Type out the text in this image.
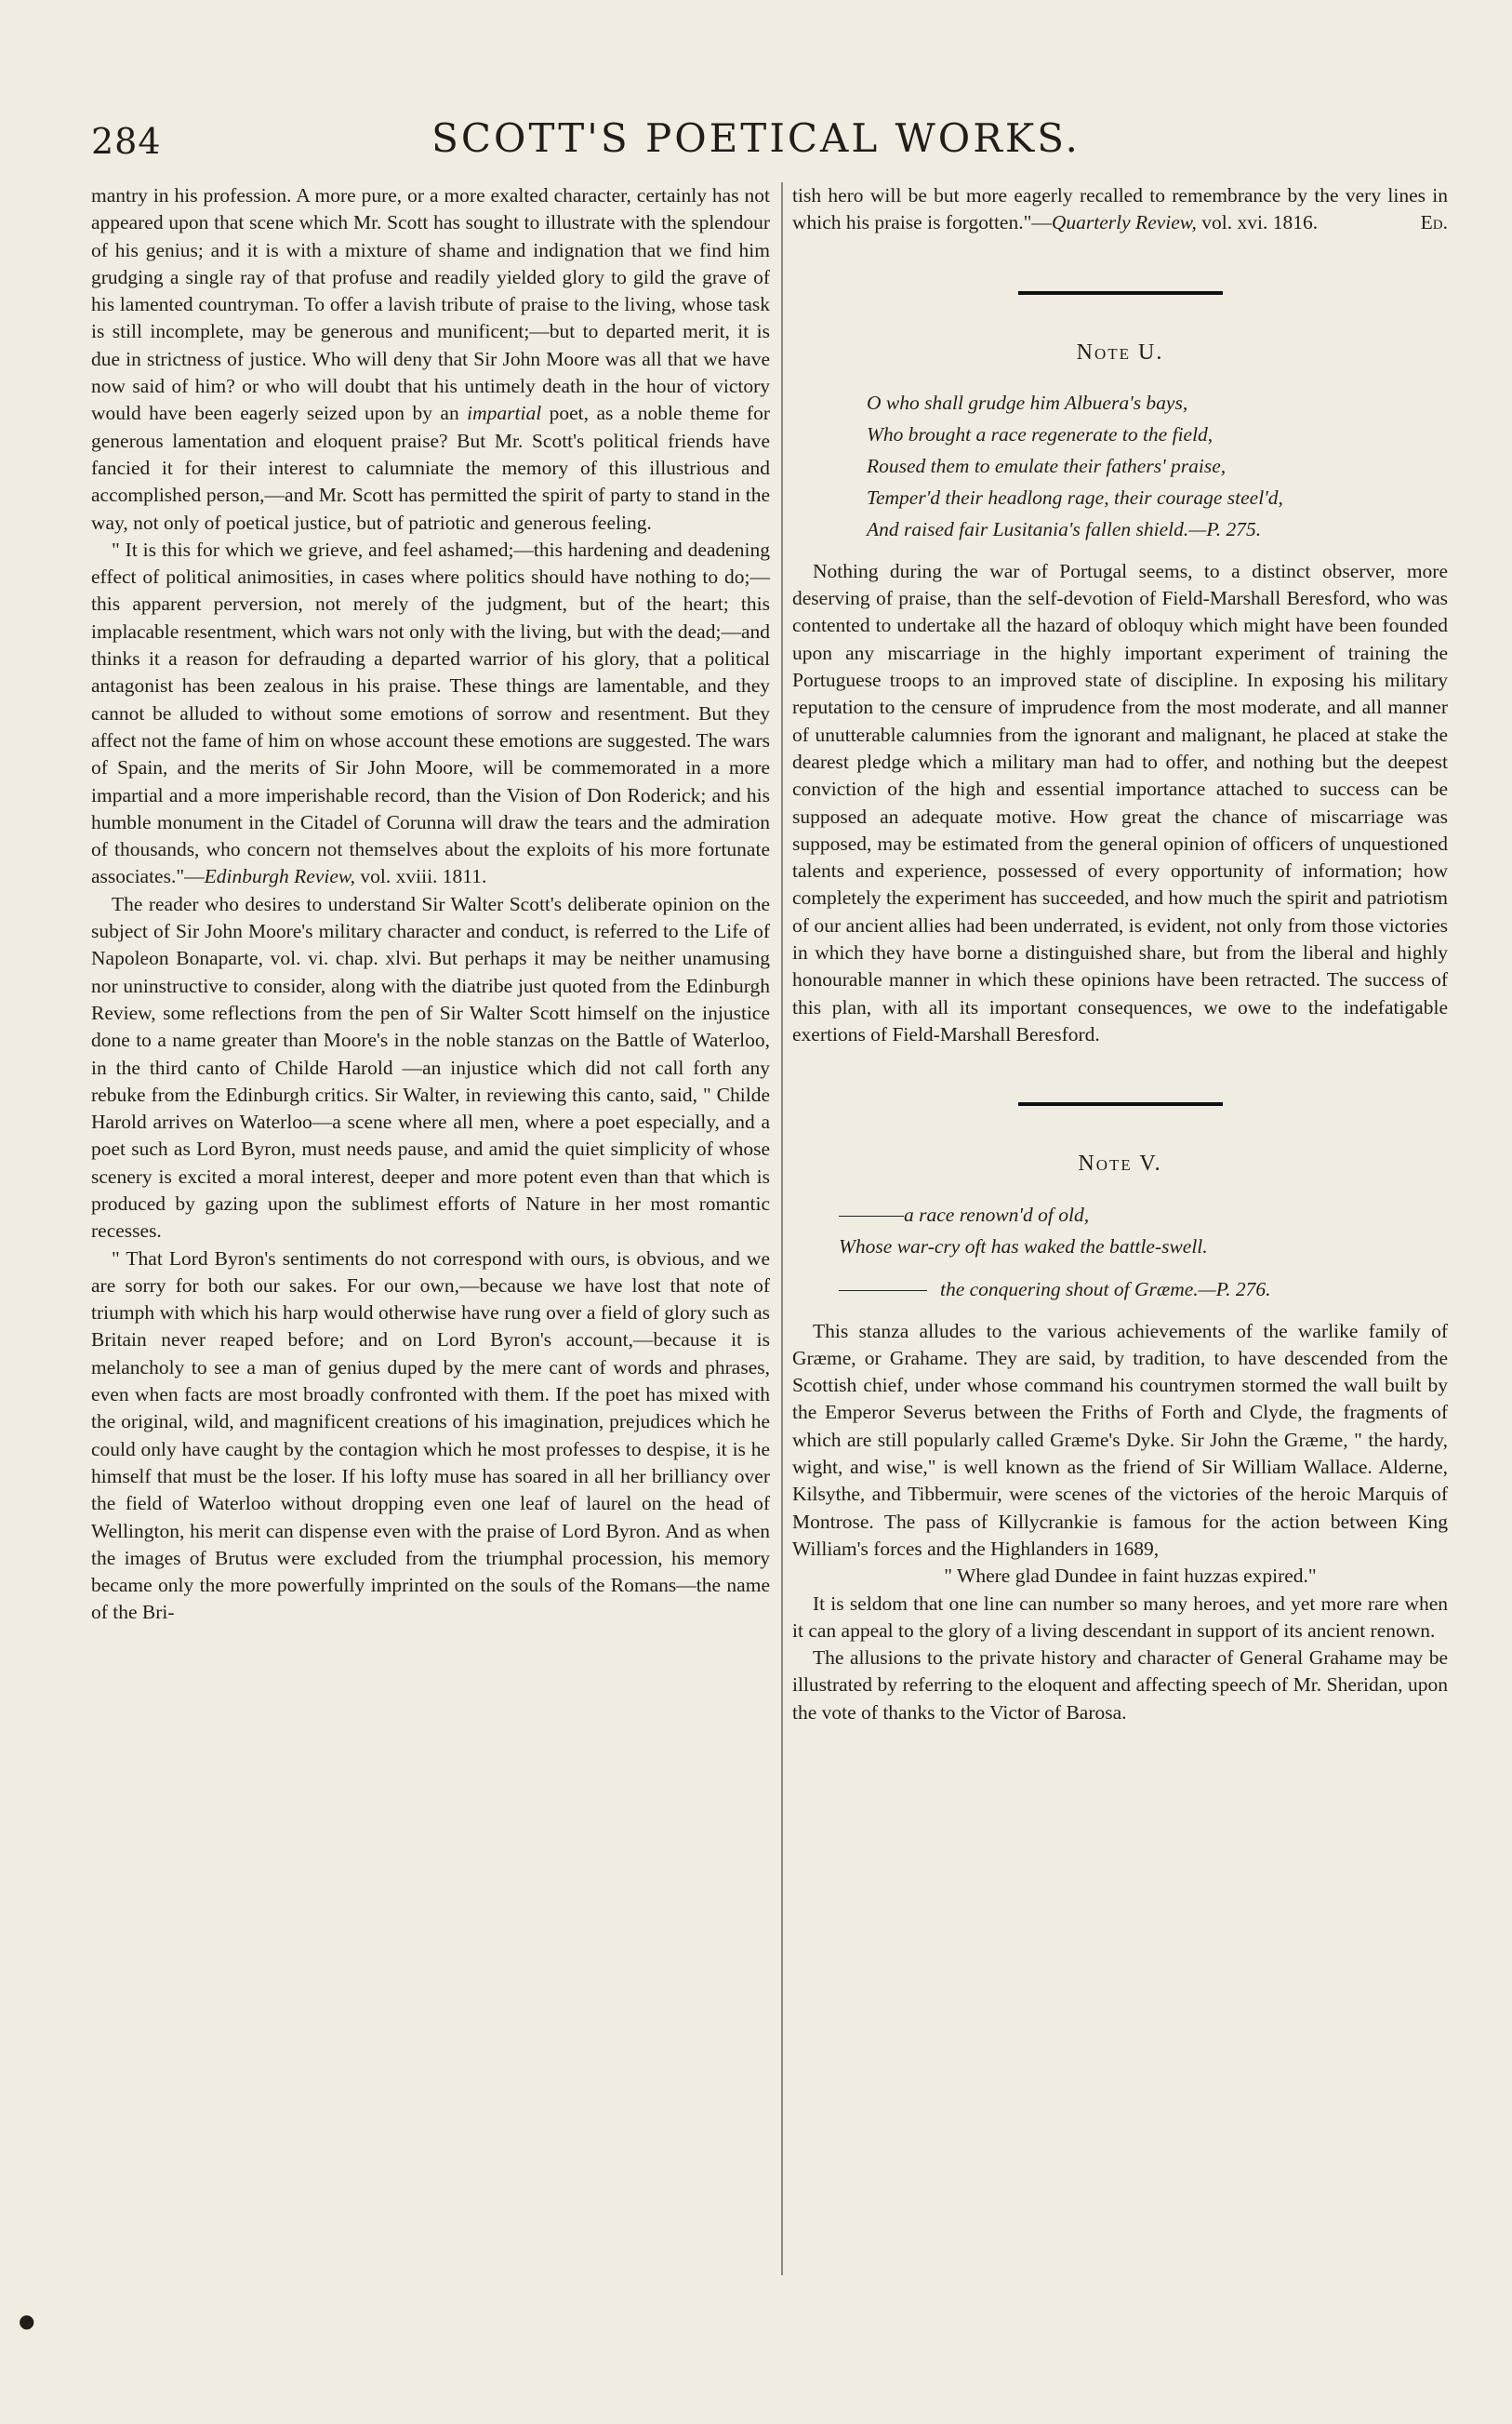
284	SCOTT'S POETICAL WORKS.

mantry in his profession. A more pure, or a more exalted character, certainly has not appeared upon that scene which Mr. Scott has sought to illustrate with the splendour of his genius; and it is with a mixture of shame and indignation that we find him grudging a single ray of that profuse and readily yielded glory to gild the grave of his lamented countryman. To offer a lavish tribute of praise to the living, whose task is still incomplete, may be generous and munificent;—but to departed merit, it is due in strictness of justice. Who will deny that Sir John Moore was all that we have now said of him? or who will doubt that his untimely death in the hour of victory would have been eagerly seized upon by an impartial poet, as a noble theme for generous lamentation and eloquent praise? But Mr. Scott's political friends have fancied it for their interest to calumniate the memory of this illustrious and accomplished person,—and Mr. Scott has permitted the spirit of party to stand in the way, not only of poetical justice, but of patriotic and generous feeling.

" It is this for which we grieve, and feel ashamed;—this hardening and deadening effect of political animosities, in cases where politics should have nothing to do;—this apparent perversion, not merely of the judgment, but of the heart; this implacable resentment, which wars not only with the living, but with the dead;—and thinks it a reason for defrauding a departed warrior of his glory, that a political antagonist has been zealous in his praise. These things are lamentable, and they cannot be alluded to without some emotions of sorrow and resentment. But they affect not the fame of him on whose account these emotions are suggested. The wars of Spain, and the merits of Sir John Moore, will be commemorated in a more impartial and a more imperishable record, than the Vision of Don Roderick; and his humble monument in the Citadel of Corunna will draw the tears and the admiration of thousands, who concern not themselves about the exploits of his more fortunate associates."—Edinburgh Review, vol. xviii. 1811.

The reader who desires to understand Sir Walter Scott's deliberate opinion on the subject of Sir John Moore's military character and conduct, is referred to the Life of Napoleon Bonaparte, vol. vi. chap. xlvi. But perhaps it may be neither unamusing nor uninstructive to consider, along with the diatribe just quoted from the Edinburgh Review, some reflections from the pen of Sir Walter Scott himself on the injustice done to a name greater than Moore's in the noble stanzas on the Battle of Waterloo, in the third canto of Childe Harold —an injustice which did not call forth any rebuke from the Edinburgh critics. Sir Walter, in reviewing this canto, said, " Childe Harold arrives on Waterloo—a scene where all men, where a poet especially, and a poet such as Lord Byron, must needs pause, and amid the quiet simplicity of whose scenery is excited a moral interest, deeper and more potent even than that which is produced by gazing upon the sublimest efforts of Nature in her most romantic recesses.

" That Lord Byron's sentiments do not correspond with ours, is obvious, and we are sorry for both our sakes. For our own,—because we have lost that note of triumph with which his harp would otherwise have rung over a field of glory such as Britain never reaped before; and on Lord Byron's account,—because it is melancholy to see a man of genius duped by the mere cant of words and phrases, even when facts are most broadly confronted with them. If the poet has mixed with the original, wild, and magnificent creations of his imagination, prejudices which he could only have caught by the contagion which he most professes to despise, it is he himself that must be the loser. If his lofty muse has soared in all her brilliancy over the field of Waterloo without dropping even one leaf of laurel on the head of Wellington, his merit can dispense even with the praise of Lord Byron. And as when the images of Brutus were excluded from the triumphal procession, his memory became only the more powerfully imprinted on the souls of the Romans—the name of the Bri-

tish hero will be but more eagerly recalled to remembrance by the very lines in which his praise is forgotten."—Quarterly Review, vol. xvi. 1816.	Ed.

Note U.
O who shall grudge him Albuera's bays,
Who brought a race regenerate to the field,
Roused them to emulate their fathers' praise,
Temper'd their headlong rage, their courage steel'd,
And raised fair Lusitania's fallen shield.—P. 275.

Nothing during the war of Portugal seems, to a distinct observer, more deserving of praise, than the self-devotion of Field-Marshall Beresford, who was contented to undertake all the hazard of obloquy which might have been founded upon any miscarriage in the highly important experiment of training the Portuguese troops to an improved state of discipline. In exposing his military reputation to the censure of imprudence from the most moderate, and all manner of unutterable calumnies from the ignorant and malignant, he placed at stake the dearest pledge which a military man had to offer, and nothing but the deepest conviction of the high and essential importance attached to success can be supposed an adequate motive. How great the chance of miscarriage was supposed, may be estimated from the general opinion of officers of unquestioned talents and experience, possessed of every opportunity of information; how completely the experiment has succeeded, and how much the spirit and patriotism of our ancient allies had been underrated, is evident, not only from those victories in which they have borne a distinguished share, but from the liberal and highly honourable manner in which these opinions have been retracted. The success of this plan, with all its important consequences, we owe to the indefatigable exertions of Field-Marshall Beresford.

Note V.
a race renown'd of old,
Whose war-cry oft has waked the battle-swell.
the conquering shout of Græme.—P. 276.

This stanza alludes to the various achievements of the warlike family of Græme, or Grahame. They are said, by tradition, to have descended from the Scottish chief, under whose command his countrymen stormed the wall built by the Emperor Severus between the Friths of Forth and Clyde, the fragments of which are still popularly called Græme's Dyke. Sir John the Græme, " the hardy, wight, and wise," is well known as the friend of Sir William Wallace. Alderne, Kilsythe, and Tibbermuir, were scenes of the victories of the heroic Marquis of Montrose. The pass of Killycrankie is famous for the action between King William's forces and the Highlanders in 1689,

" Where glad Dundee in faint huzzas expired."

It is seldom that one line can number so many heroes, and yet more rare when it can appeal to the glory of a living descendant in support of its ancient renown.

The allusions to the private history and character of General Grahame may be illustrated by referring to the eloquent and affecting speech of Mr. Sheridan, upon the vote of thanks to the Victor of Barosa.

●
